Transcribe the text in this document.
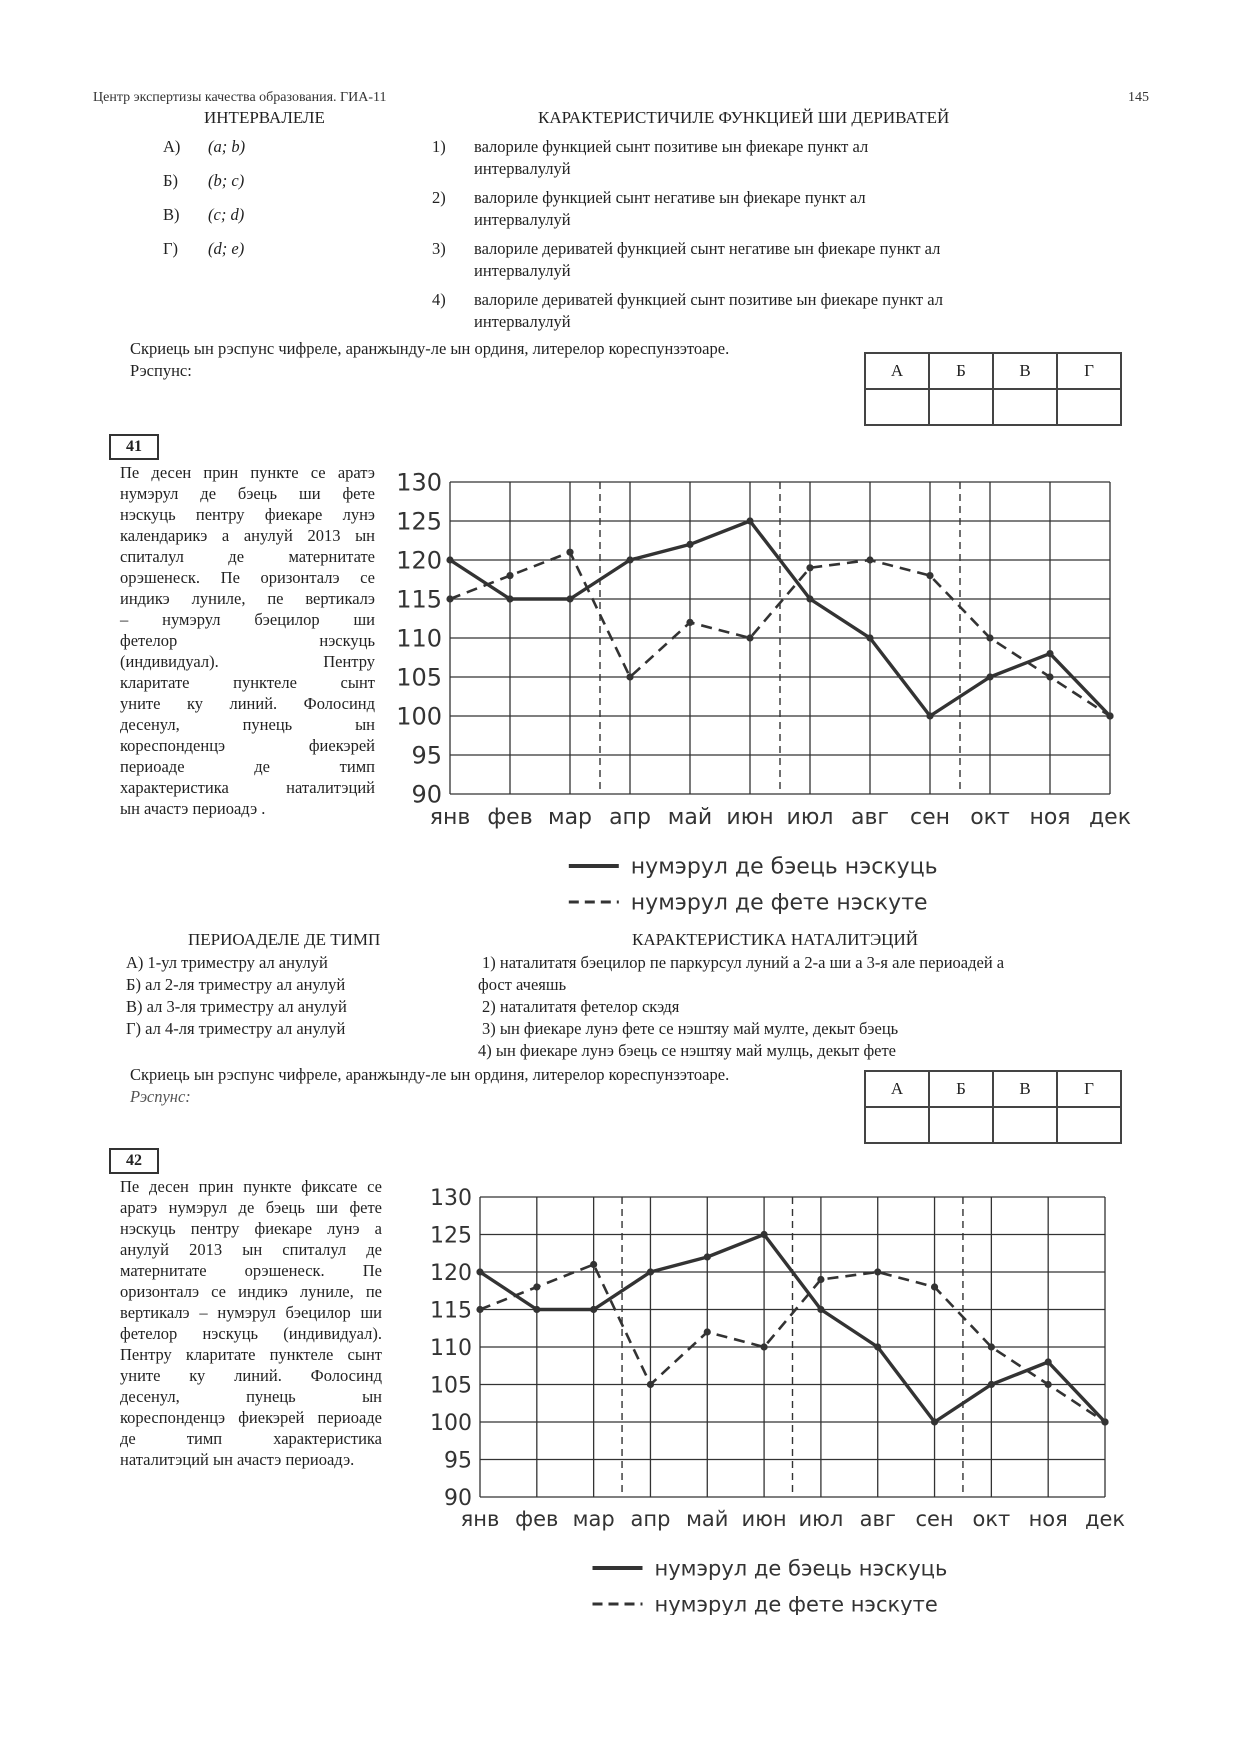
Центр экспертизы качества образования. ГИА-11	145
ИНТЕРВАЛЕЛЕ	КАРАКТЕРИСТИЧИЛЕ ФУНКЦИЕЙ ШИ ДЕРИВАТЕЙ
А) (a; b)
Б) (b; c)
В) (c; d)
Г) (d; e)
1)	валориле функцией сынт позитиве ын фиекаре пункт ал
интервалулуй
2)	валориле функцией сынт негативе ын фиекаре пункт ал
интервалулуй
3)	валориле дериватей функцией сынт негативе ын фиекаре пункт ал
интервалулуй
4)	валориле дериватей функцией сынт позитиве ын фиекаре пункт ал
интервалулуй
Скриець ын рэспунс чифреле, аранжынду-ле ын ординя, литерелор кореспунзэтоаре.
Рэспунс:	А	Б	В	Г

41
Пе десен прин пункте се аратэ
нумэрул де бэець ши фете
нэскуць пентру фиекаре лунэ
календарикэ а анулуй 2013 ын
спиталул де матернитате
орэшенеск. Пе оризонталэ се
индикэ луниле, пе вертикалэ
– нумэрул бэецилор ши
фетелор нэскуць
(индивидуал). Пентру
кларитате пунктеле сынт
уните ку линий. Фолосинд
десенул, пунець ын
кореспонденцэ фиекэрей
периоаде де тимп
характеристика наталитэций
ын ачастэ периоадэ .
130
125
120
115
110
105
100
95
90
янв фев мар апр май июн июл авг сен окт ноя дек
нумэрул де бэець нэскуць
нумэрул де фете нэскуте
ПЕРИОАДЕЛЕ ДЕ ТИМП	КАРАКТЕРИСТИКА НАТАЛИТЭЦИЙ
А) 1-ул триместру ал анулуй
Б) ал 2-ля триместру ал анулуй
В) ал 3-ля триместру ал анулуй
Г) ал 4-ля триместру ал анулуй
1) наталитатя бэецилор пе паркурсул луний а 2-а ши а 3-я але периоадей а
фост ачеяшь
2) наталитатя фетелор скэдя
3) ын фиекаре лунэ фете се нэштяу май мулте, декыт бэець
4) ын фиекаре лунэ бэець се нэштяу май мулць, декыт фете
Скриець ын рэспунс чифреле, аранжынду-ле ын ординя, литерелор кореспунзэтоаре.
Рэспунс:	А	Б	В	Г

42
Пе десен прин пункте фиксате се
аратэ нумэрул де бэець ши фете
нэскуць пентру фиекаре лунэ а
анулуй 2013 ын спиталул де
матернитате орэшенеск. Пе
оризонталэ се индикэ луниле, пе
вертикалэ – нумэрул бэецилор ши
фетелор нэскуць (индивидуал).
Пентру кларитате пунктеле сынт
уните ку линий. Фолосинд
десенул, пунець ын
кореспонденцэ фиекэрей периоаде
де тимп характеристика
наталитэций ын ачастэ периоадэ.
130
125
120
115
110
105
100
95
90
янв фев мар апр май июн июл авг сен окт ноя дек
нумэрул де бэець нэскуць
нумэрул де фете нэскуте
